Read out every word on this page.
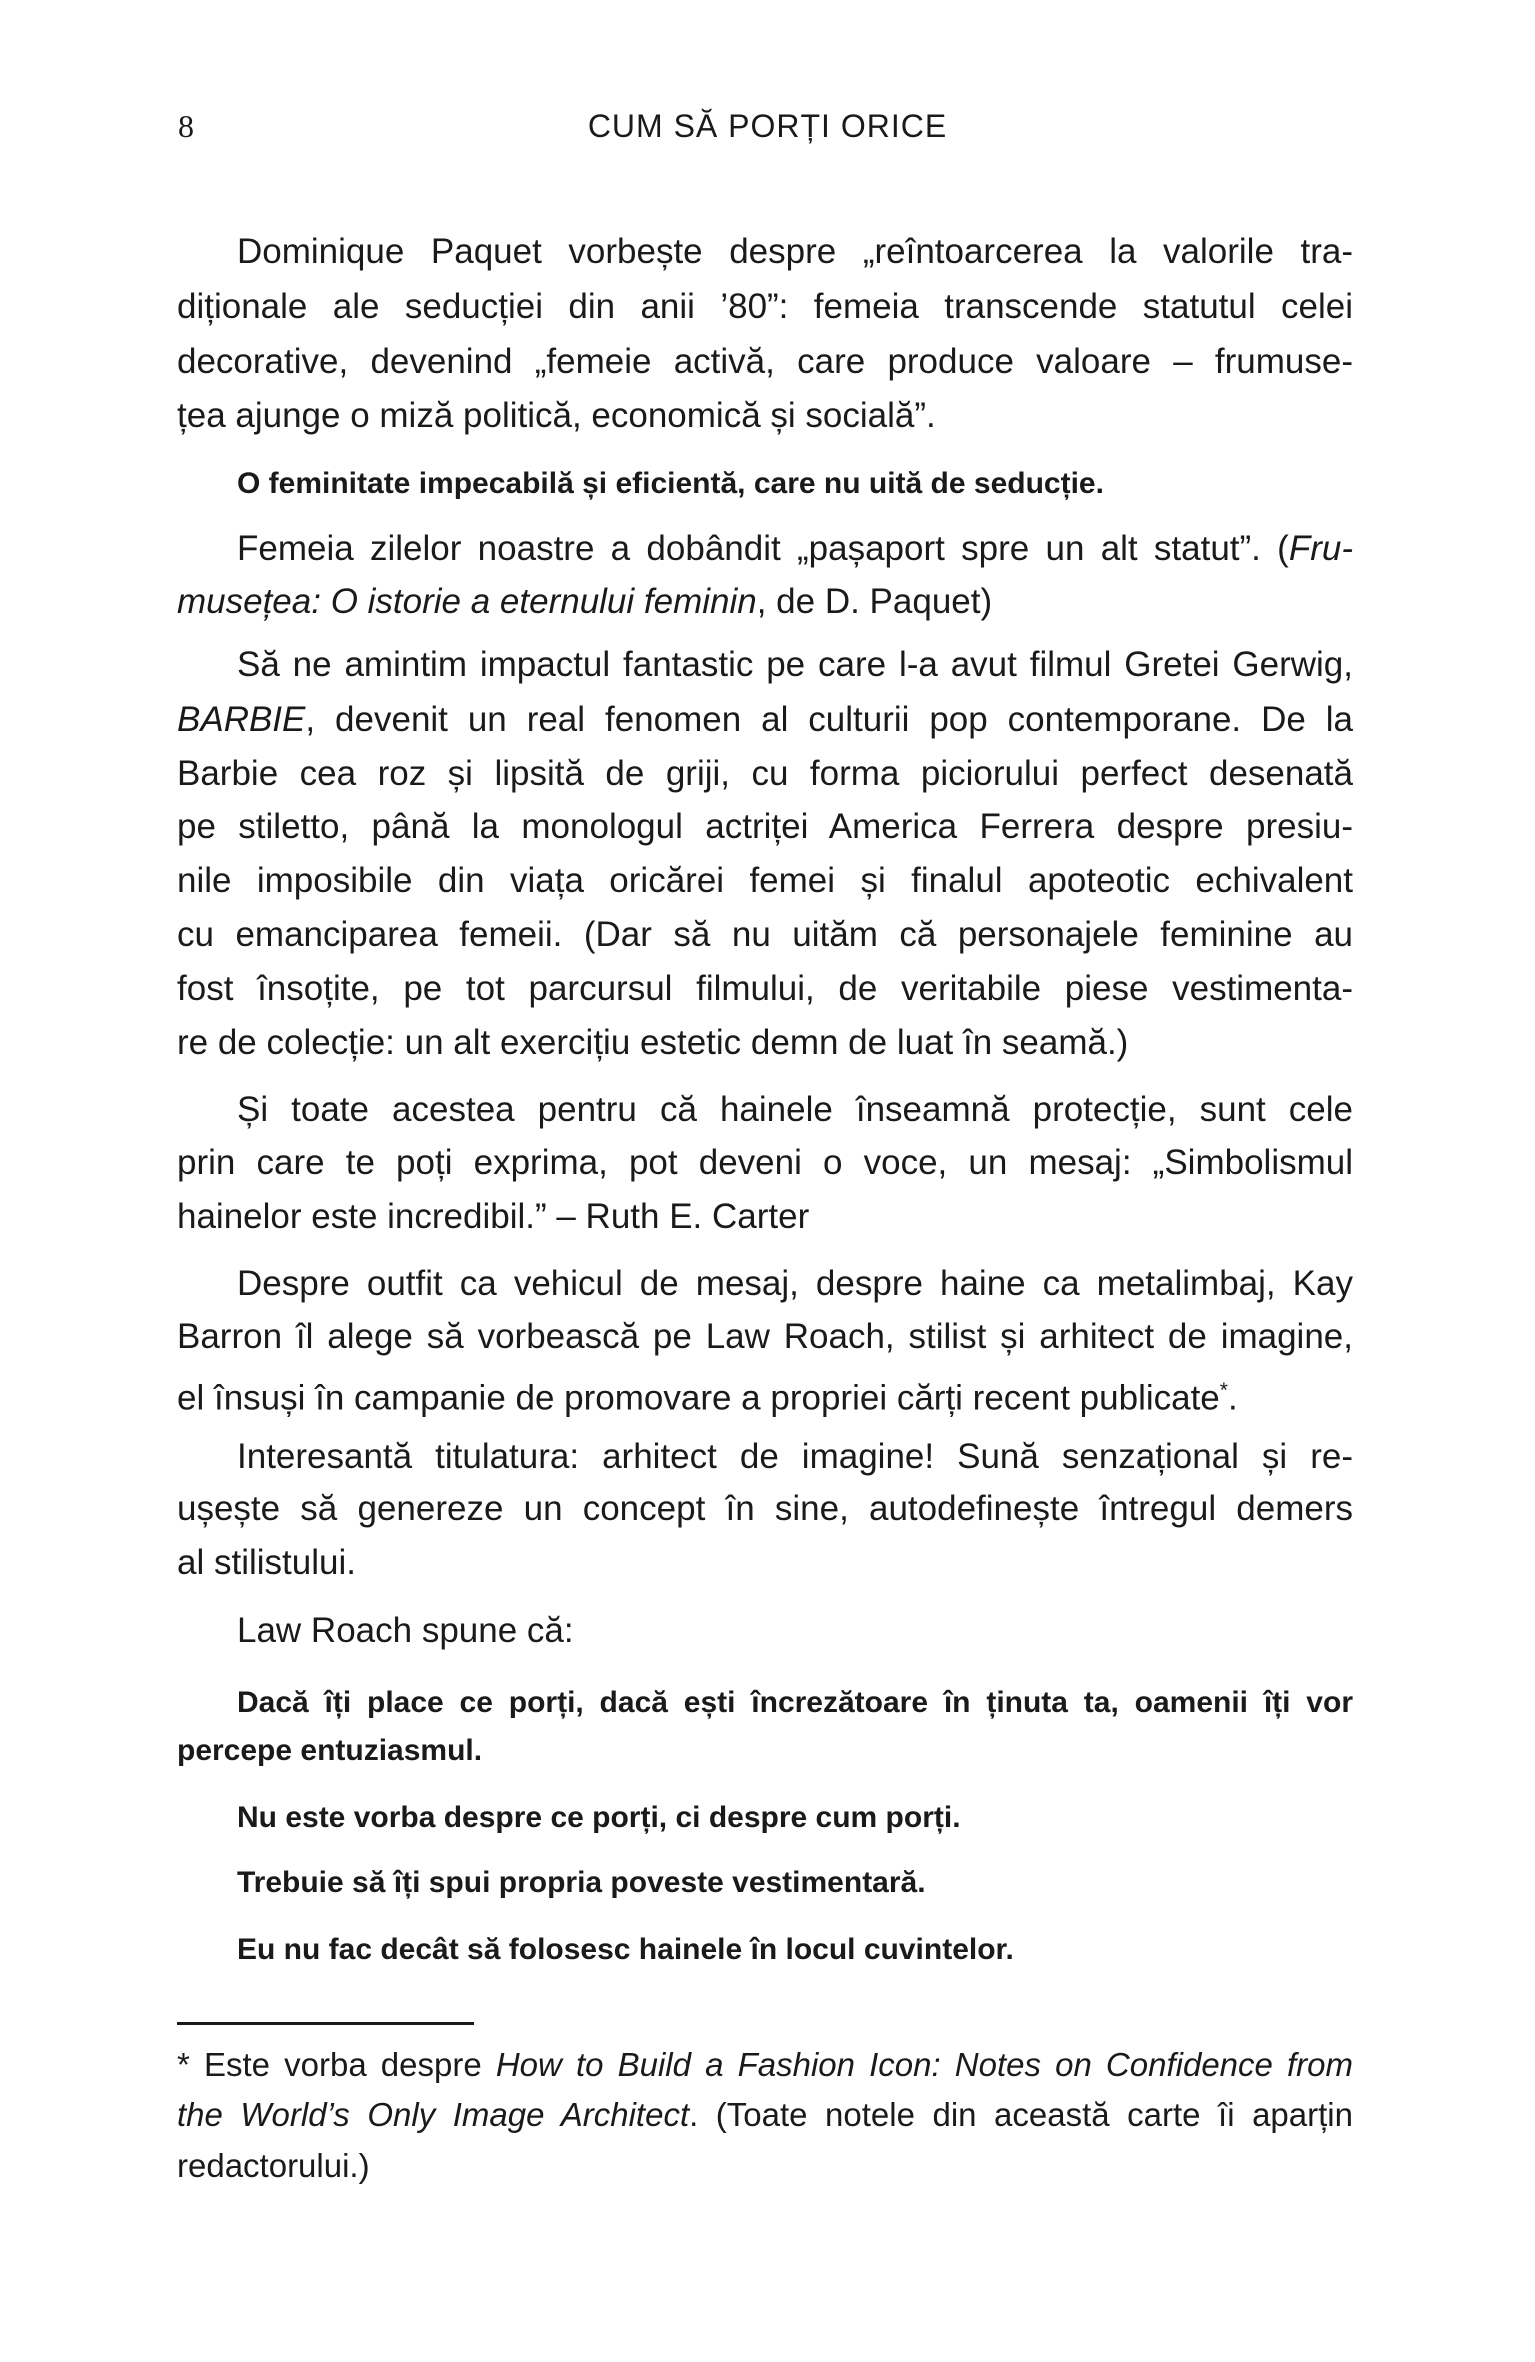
8	CUM SĂ PORȚI ORICE
Dominique Paquet vorbește despre „reîntoarcerea la valorile tra-
diționale ale seducției din anii ’80”: femeia transcende statutul celei
decorative, devenind „femeie activă, care produce valoare – frumuse-
țea ajunge o miză politică, economică și socială”.
O feminitate impecabilă și eficientă, care nu uită de seducție.
Femeia zilelor noastre a dobândit „pașaport spre un alt statut”. (Fru-
musețea: O istorie a eternului feminin, de D. Paquet)
Să ne amintim impactul fantastic pe care l-a avut filmul Gretei Gerwig,
BARBIE, devenit un real fenomen al culturii pop contemporane. De la
Barbie cea roz și lipsită de griji, cu forma piciorului perfect desenată
pe stiletto, până la monologul actriței America Ferrera despre presiu-
nile imposibile din viața oricărei femei și finalul apoteotic echivalent
cu emanciparea femeii. (Dar să nu uităm că personajele feminine au
fost însoțite, pe tot parcursul filmului, de veritabile piese vestimenta-
re de colecție: un alt exercițiu estetic demn de luat în seamă.)
Și toate acestea pentru că hainele înseamnă protecție, sunt cele
prin care te poți exprima, pot deveni o voce, un mesaj: „Simbolismul
hainelor este incredibil.” – Ruth E. Carter
Despre outfit ca vehicul de mesaj, despre haine ca metalimbaj, Kay
Barron îl alege să vorbească pe Law Roach, stilist și arhitect de imagine,
el însuși în campanie de promovare a propriei cărți recent publicate*.
Interesantă titulatura: arhitect de imagine! Sună senzațional și re-
ușește să genereze un concept în sine, autodefinește întregul demers
al stilistului.
Law Roach spune că:
Dacă îți place ce porți, dacă ești încrezătoare în ținuta ta, oamenii îți vor
percepe entuziasmul.
Nu este vorba despre ce porți, ci despre cum porți.
Trebuie să îți spui propria poveste vestimentară.
Eu nu fac decât să folosesc hainele în locul cuvintelor.
* Este vorba despre How to Build a Fashion Icon: Notes on Confidence from
the World’s Only Image Architect. (Toate notele din această carte îi aparțin
redactorului.)
